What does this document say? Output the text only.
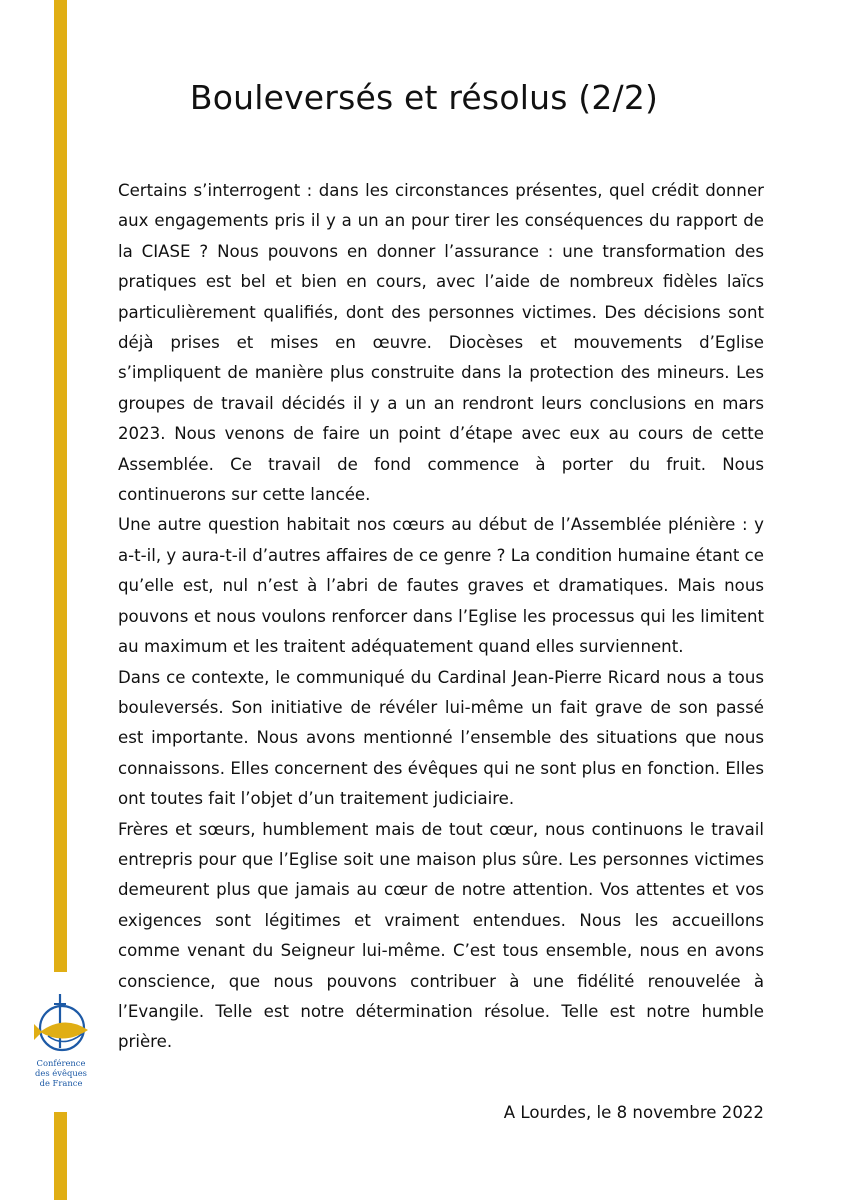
Conférence
des évêques
de France
Bouleversés et résolus (2/2)

Certains s’interrogent : dans les circonstances présentes, quel crédit donner aux engagements pris il y a un an pour tirer les conséquences du rapport de la CIASE ? Nous pouvons en donner l’assurance : une transformation des pratiques est bel et bien en cours, avec l’aide de nombreux fidèles laïcs particulièrement qualifiés, dont des personnes victimes. Des décisions sont déjà prises et mises en œuvre. Diocèses et mouvements d’Eglise s’impliquent de manière plus construite dans la protection des mineurs. Les groupes de travail décidés il y a un an rendront leurs conclusions en mars 2023. Nous venons de faire un point d’étape avec eux au cours de cette Assemblée. Ce travail de fond commence à porter du fruit. Nous continuerons sur cette lancée.

Une autre question habitait nos cœurs au début de l’Assemblée plénière : y a-t-il, y aura-t-il d’autres affaires de ce genre ? La condition humaine étant ce qu’elle est, nul n’est à l’abri de fautes graves et dramatiques. Mais nous pouvons et nous voulons renforcer dans l’Eglise les processus qui les limitent au maximum et les traitent adéquatement quand elles surviennent.

Dans ce contexte, le communiqué du Cardinal Jean-Pierre Ricard nous a tous bouleversés. Son initiative de révéler lui-même un fait grave de son passé est importante. Nous avons mentionné l’ensemble des situations que nous connaissons. Elles concernent des évêques qui ne sont plus en fonction. Elles ont toutes fait l’objet d’un traitement judiciaire.

Frères et sœurs, humblement mais de tout cœur, nous continuons le travail entrepris pour que l’Eglise soit une maison plus sûre. Les personnes victimes demeurent plus que jamais au cœur de notre attention. Vos attentes et vos exigences sont légitimes et vraiment entendues. Nous les accueillons comme venant du Seigneur lui-même. C’est tous ensemble, nous en avons conscience, que nous pouvons contribuer à une fidélité renouvelée à l’Evangile. Telle est notre détermination résolue. Telle est notre humble prière.

A Lourdes, le 8 novembre 2022
